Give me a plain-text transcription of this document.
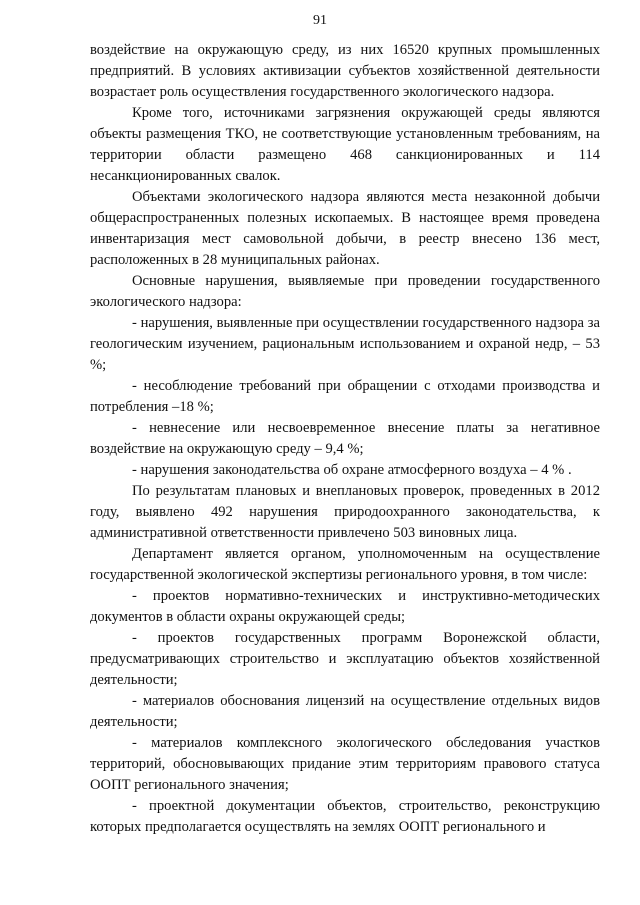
91

воздействие на окружающую среду, из них 16520 крупных промышленных предприятий. В условиях активизации субъектов хозяйственной деятельности возрастает роль осуществления государственного экологического надзора.

Кроме того, источниками загрязнения окружающей среды являются объекты размещения ТКО, не соответствующие установленным требованиям, на территории области размещено 468 санкционированных и 114 несанкционированных свалок.

Объектами экологического надзора являются места незаконной добычи общераспространенных полезных ископаемых. В настоящее время проведена инвентаризация мест самовольной добычи, в реестр внесено 136 мест, расположенных в 28 муниципальных районах.

Основные нарушения, выявляемые при проведении государственного экологического надзора:

- нарушения, выявленные при осуществлении государственного надзора за геологическим изучением, рациональным использованием и охраной недр, – 53 %;

- несоблюдение требований при обращении с отходами производства и потребления –18 %;

- невнесение или несвоевременное внесение платы за негативное воздействие на окружающую среду – 9,4 %;

- нарушения законодательства об охране атмосферного воздуха – 4 % .

По результатам плановых и внеплановых проверок, проведенных в 2012 году, выявлено 492 нарушения природоохранного законодательства, к административной ответственности привлечено 503 виновных лица.

Департамент является органом, уполномоченным на осуществление государственной экологической экспертизы регионального уровня, в том числе:

- проектов нормативно-технических и инструктивно-методических документов в области охраны окружающей среды;

- проектов государственных программ Воронежской области, предусматривающих строительство и эксплуатацию объектов хозяйственной деятельности;

- материалов обоснования лицензий на осуществление отдельных видов деятельности;

- материалов комплексного экологического обследования участков территорий, обосновывающих придание этим территориям правового статуса ООПТ регионального значения;

- проектной документации объектов, строительство, реконструкцию которых предполагается осуществлять на землях ООПТ регионального и
